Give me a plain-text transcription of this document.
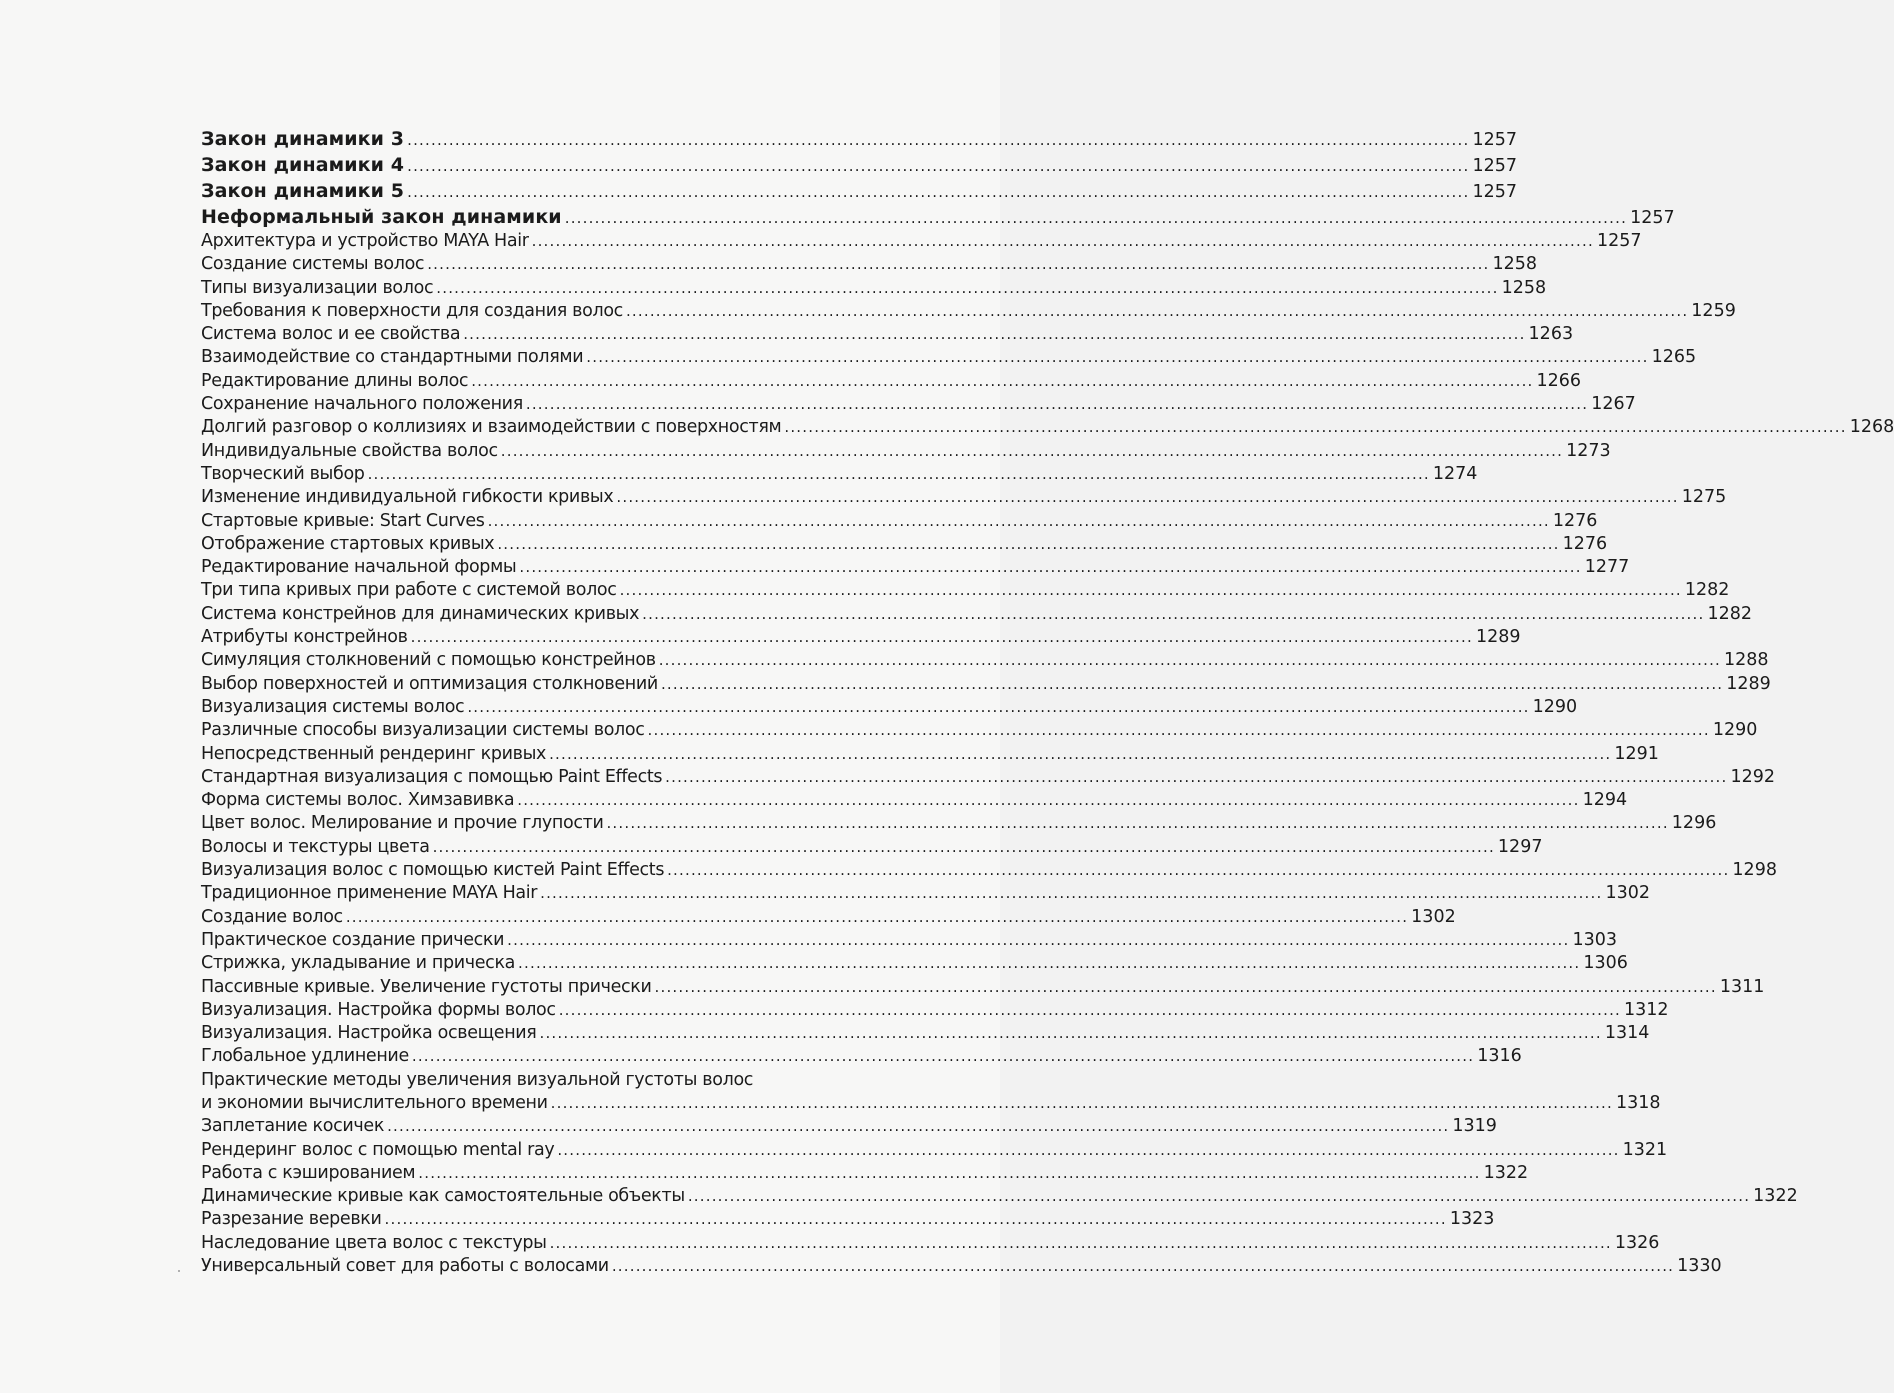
Закон динамики 3 .....	1257
Закон динамики 4 .....	1257
Закон динамики 5 .....	1257
Неформальный закон динамики .....	1257
Архитектура и устройство MAYA Hair .....	1257
Создание системы волос .....	1258
Типы визуализации волос .....	1258
Требования к поверхности для создания волос .....	1259
Система волос и ее свойства .....	1263
Взаимодействие со стандартными полями .....	1265
Редактирование длины волос .....	1266
Сохранение начального положения .....	1267
Долгий разговор о коллизиях и взаимодействии с поверхностям .....	1268
Индивидуальные свойства волос .....	1273
Творческий выбор .....	1274
Изменение индивидуальной гибкости кривых .....	1275
Стартовые кривые: Start Curves .....	1276
Отображение стартовых кривых .....	1276
Редактирование начальной формы .....	1277
Три типа кривых при работе с системой волос .....	1282
Система констрейнов для динамических кривых .....	1282
Атрибуты констрейнов .....	1289
Симуляция столкновений с помощью констрейнов .....	1288
Выбор поверхностей и оптимизация столкновений .....	1289
Визуализация системы волос .....	1290
Различные способы визуализации системы волос .....	1290
Непосредственный рендеринг кривых .....	1291
Стандартная визуализация с помощью Paint Effects .....	1292
Форма системы волос. Химзавивка .....	1294
Цвет волос. Мелирование и прочие глупости .....	1296
Волосы и текстуры цвета .....	1297
Визуализация волос с помощью кистей Paint Effects .....	1298
Традиционное применение MAYA Hair .....	1302
Создание волос .....	1302
Практическое создание прически .....	1303
Стрижка, укладывание и прическа .....	1306
Пассивные кривые. Увеличение густоты прически .....	1311
Визуализация. Настройка формы волос .....	1312
Визуализация. Настройка освещения .....	1314
Глобальное удлинение .....	1316
Практические методы увеличения визуальной густоты волос
и экономии вычислительного времени .....	1318
Заплетание косичек .....	1319
Рендеринг волос с помощью mental ray .....	1321
Работа с кэшированием .....	1322
Динамические кривые как самостоятельные объекты .....	1322
Разрезание веревки .....	1323
Наследование цвета волос с текстуры .....	1326
Универсальный совет для работы с волосами .....	1330
